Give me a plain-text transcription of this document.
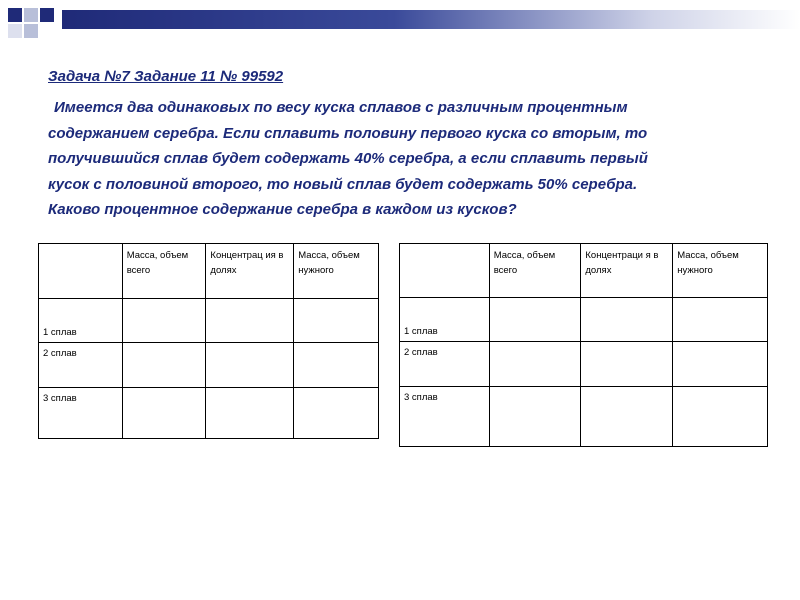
Задача №7 Задание 11 № 99592
Имеется два одинаковых по весу куска сплавов с различным процентным
содержанием серебра. Если сплавить половину первого куска со вторым, то
получившийся сплав будет содержать 40% серебра, а если сплавить первый
кусок с половиной второго, то новый сплав будет содержать 50% серебра.
Каково процентное содержание серебра в каждом из кусков?
	Масса, объем всего	Концентрац ия в долях	Масса, объем нужного
1 сплав			
2 сплав			
3 сплав			
	Масса, объем всего	Концентраци я в долях	Масса, объем нужного
1 сплав			
2 сплав			
3 сплав			
